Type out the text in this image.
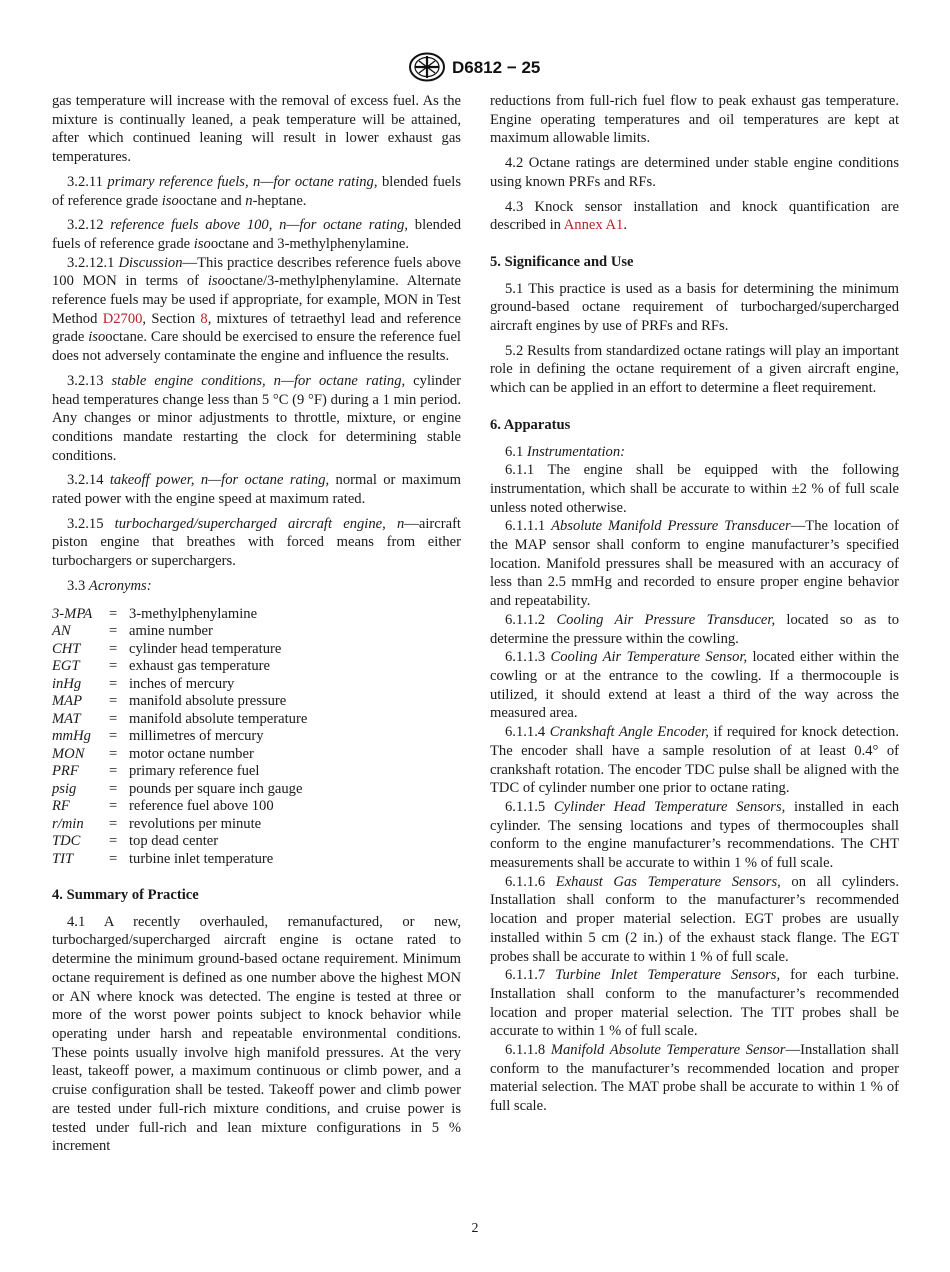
D6812 − 25

gas temperature will increase with the removal of excess fuel. As the mixture is continually leaned, a peak temperature will be attained, after which continued leaning will result in lower exhaust gas temperatures.

3.2.11 primary reference fuels, n—for octane rating, blended fuels of reference grade isooctane and n-heptane.

3.2.12 reference fuels above 100, n—for octane rating, blended fuels of reference grade isooctane and 3-methylphenylamine.

3.2.12.1 Discussion—This practice describes reference fuels above 100 MON in terms of isooctane/3-methylphenylamine. Alternate reference fuels may be used if appropriate, for example, MON in Test Method D2700, Section 8, mixtures of tetraethyl lead and reference grade isooctane. Care should be exercised to ensure the reference fuel does not adversely contaminate the engine and influence the results.

3.2.13 stable engine conditions, n—for octane rating, cylinder head temperatures change less than 5 °C (9 °F) during a 1 min period. Any changes or minor adjustments to throttle, mixture, or engine conditions mandate restarting the clock for determining stable conditions.

3.2.14 takeoff power, n—for octane rating, normal or maximum rated power with the engine speed at maximum rated.

3.2.15 turbocharged/supercharged aircraft engine, n—aircraft piston engine that breathes with forced means from either turbochargers or superchargers.

3.3 Acronyms:

3-MPA	= 3-methylphenylamine
AN	= amine number
CHT	= cylinder head temperature
EGT	= exhaust gas temperature
inHg	= inches of mercury
MAP	= manifold absolute pressure
MAT	= manifold absolute temperature
mmHg	= millimetres of mercury
MON	= motor octane number
PRF	= primary reference fuel
psig	= pounds per square inch gauge
RF	= reference fuel above 100
r/min	= revolutions per minute
TDC	= top dead center
TIT	= turbine inlet temperature
4. Summary of Practice

4.1 A recently overhauled, remanufactured, or new, turbocharged/supercharged aircraft engine is octane rated to determine the minimum ground-based octane requirement. Minimum octane requirement is defined as one number above the highest MON or AN where knock was detected. The engine is tested at three or more of the worst power points subject to knock behavior while operating under harsh and repeatable environmental conditions. These points usually involve high manifold pressures. At the very least, takeoff power, a maximum continuous or climb power, and a cruise configuration shall be tested. Takeoff power and climb power are tested under full-rich mixture conditions, and cruise power is tested under full-rich and lean mixture configurations in 5 % increment

reductions from full-rich fuel flow to peak exhaust gas temperature. Engine operating temperatures and oil temperatures are kept at maximum allowable limits.

4.2 Octane ratings are determined under stable engine conditions using known PRFs and RFs.

4.3 Knock sensor installation and knock quantification are described in Annex A1.

5. Significance and Use

5.1 This practice is used as a basis for determining the minimum ground-based octane requirement of turbocharged/supercharged aircraft engines by use of PRFs and RFs.

5.2 Results from standardized octane ratings will play an important role in defining the octane requirement of a given aircraft engine, which can be applied in an effort to determine a fleet requirement.

6. Apparatus

6.1 Instrumentation:

6.1.1 The engine shall be equipped with the following instrumentation, which shall be accurate to within ±2 % of full scale unless noted otherwise.

6.1.1.1 Absolute Manifold Pressure Transducer—The location of the MAP sensor shall conform to engine manufacturer’s specified location. Manifold pressures shall be measured with an accuracy of less than 2.5 mmHg and recorded to ensure proper engine behavior and repeatability.

6.1.1.2 Cooling Air Pressure Transducer, located so as to determine the pressure within the cowling.

6.1.1.3 Cooling Air Temperature Sensor, located either within the cowling or at the entrance to the cowling. If a thermocouple is utilized, it should extend at least a third of the way across the measured area.

6.1.1.4 Crankshaft Angle Encoder, if required for knock detection. The encoder shall have a sample resolution of at least 0.4° of crankshaft rotation. The encoder TDC pulse shall be aligned with the TDC of cylinder number one prior to octane rating.

6.1.1.5 Cylinder Head Temperature Sensors, installed in each cylinder. The sensing locations and types of thermocouples shall conform to the engine manufacturer’s recommendations. The CHT measurements shall be accurate to within 1 % of full scale.

6.1.1.6 Exhaust Gas Temperature Sensors, on all cylinders. Installation shall conform to the manufacturer’s recommended location and proper material selection. EGT probes are usually installed within 5 cm (2 in.) of the exhaust stack flange. The EGT probes shall be accurate to within 1 % of full scale.

6.1.1.7 Turbine Inlet Temperature Sensors, for each turbine. Installation shall conform to the manufacturer’s recommended location and proper material selection. The TIT probes shall be accurate to within 1 % of full scale.

6.1.1.8 Manifold Absolute Temperature Sensor—Installation shall conform to the manufacturer’s recommended location and proper material selection. The MAT probe shall be accurate to within 1 % of full scale.

2
